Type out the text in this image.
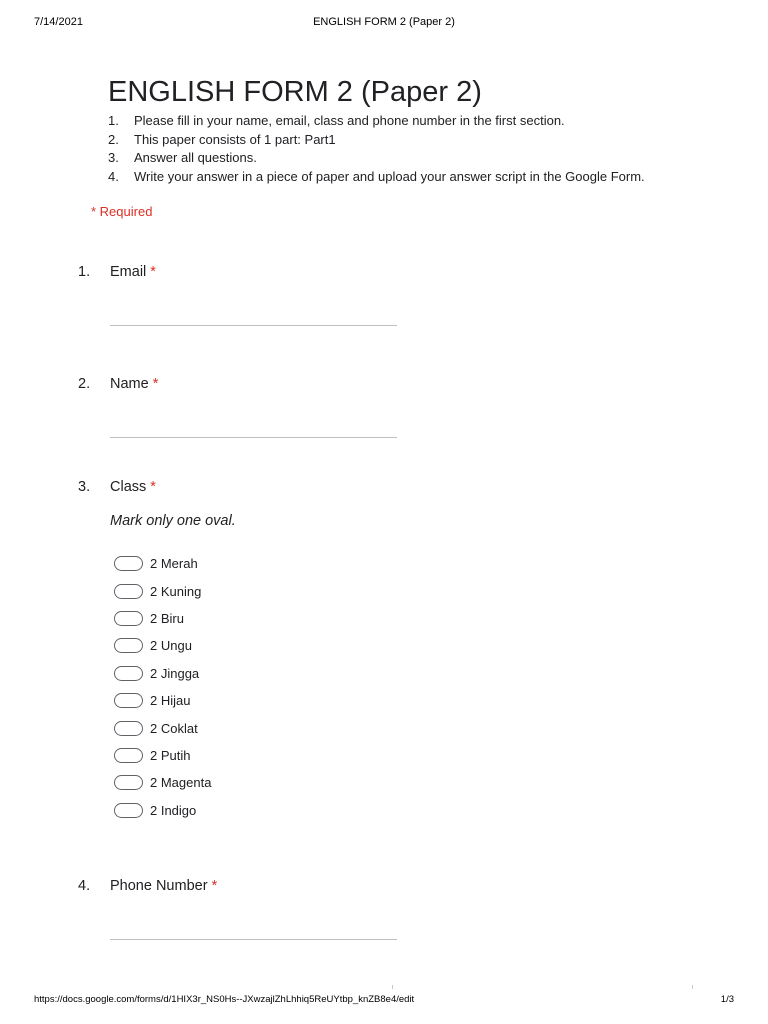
7/14/2021	ENGLISH FORM 2 (Paper 2)
ENGLISH FORM 2 (Paper 2)
1. Please fill in your name, email, class and phone number in the first section.
2. This paper consists of 1 part: Part1
3. Answer all questions.
4. Write your answer in a piece of paper and upload your answer script in the Google Form.
* Required
1. Email *
2. Name *
3. Class *
Mark only one oval.
2 Merah
2 Kuning
2 Biru
2 Ungu
2 Jingga
2 Hijau
2 Coklat
2 Putih
2 Magenta
2 Indigo
4. Phone Number *
https://docs.google.com/forms/d/1HIX3r_NS0Hs--JXwzajlZhLhhiq5ReUYtbp_knZB8e4/edit	1/3
